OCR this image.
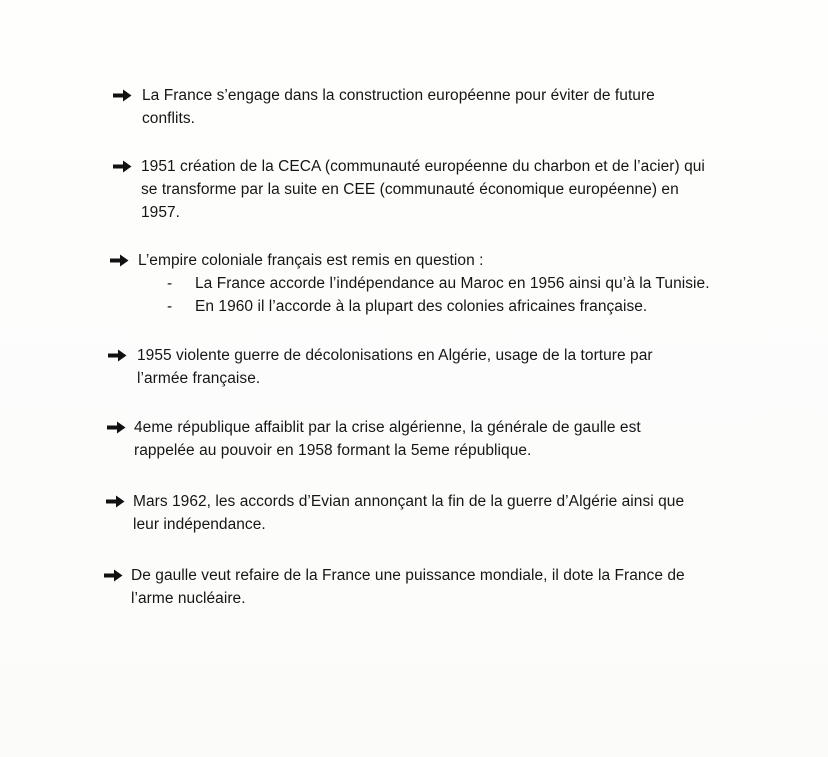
La France s’engage dans la construction européenne pour éviter de future
conflits.
1951 création de la CECA (communauté européenne du charbon et de l’acier) qui
se transforme par la suite en CEE (communauté économique européenne) en
1957.
L’empire coloniale français est remis en question :
- La France accorde l’indépendance au Maroc en 1956 ainsi qu’à la Tunisie.
- En 1960 il l’accorde à la plupart des colonies africaines française.
1955 violente guerre de décolonisations en Algérie, usage de la torture par
l’armée française.
4eme république affaiblit par la crise algérienne, la générale de gaulle est
rappelée au pouvoir en 1958 formant la 5eme république.
Mars 1962, les accords d’Evian annonçant la fin de la guerre d’Algérie ainsi que
leur indépendance.
De gaulle veut refaire de la France une puissance mondiale, il dote la France de
l’arme nucléaire.
